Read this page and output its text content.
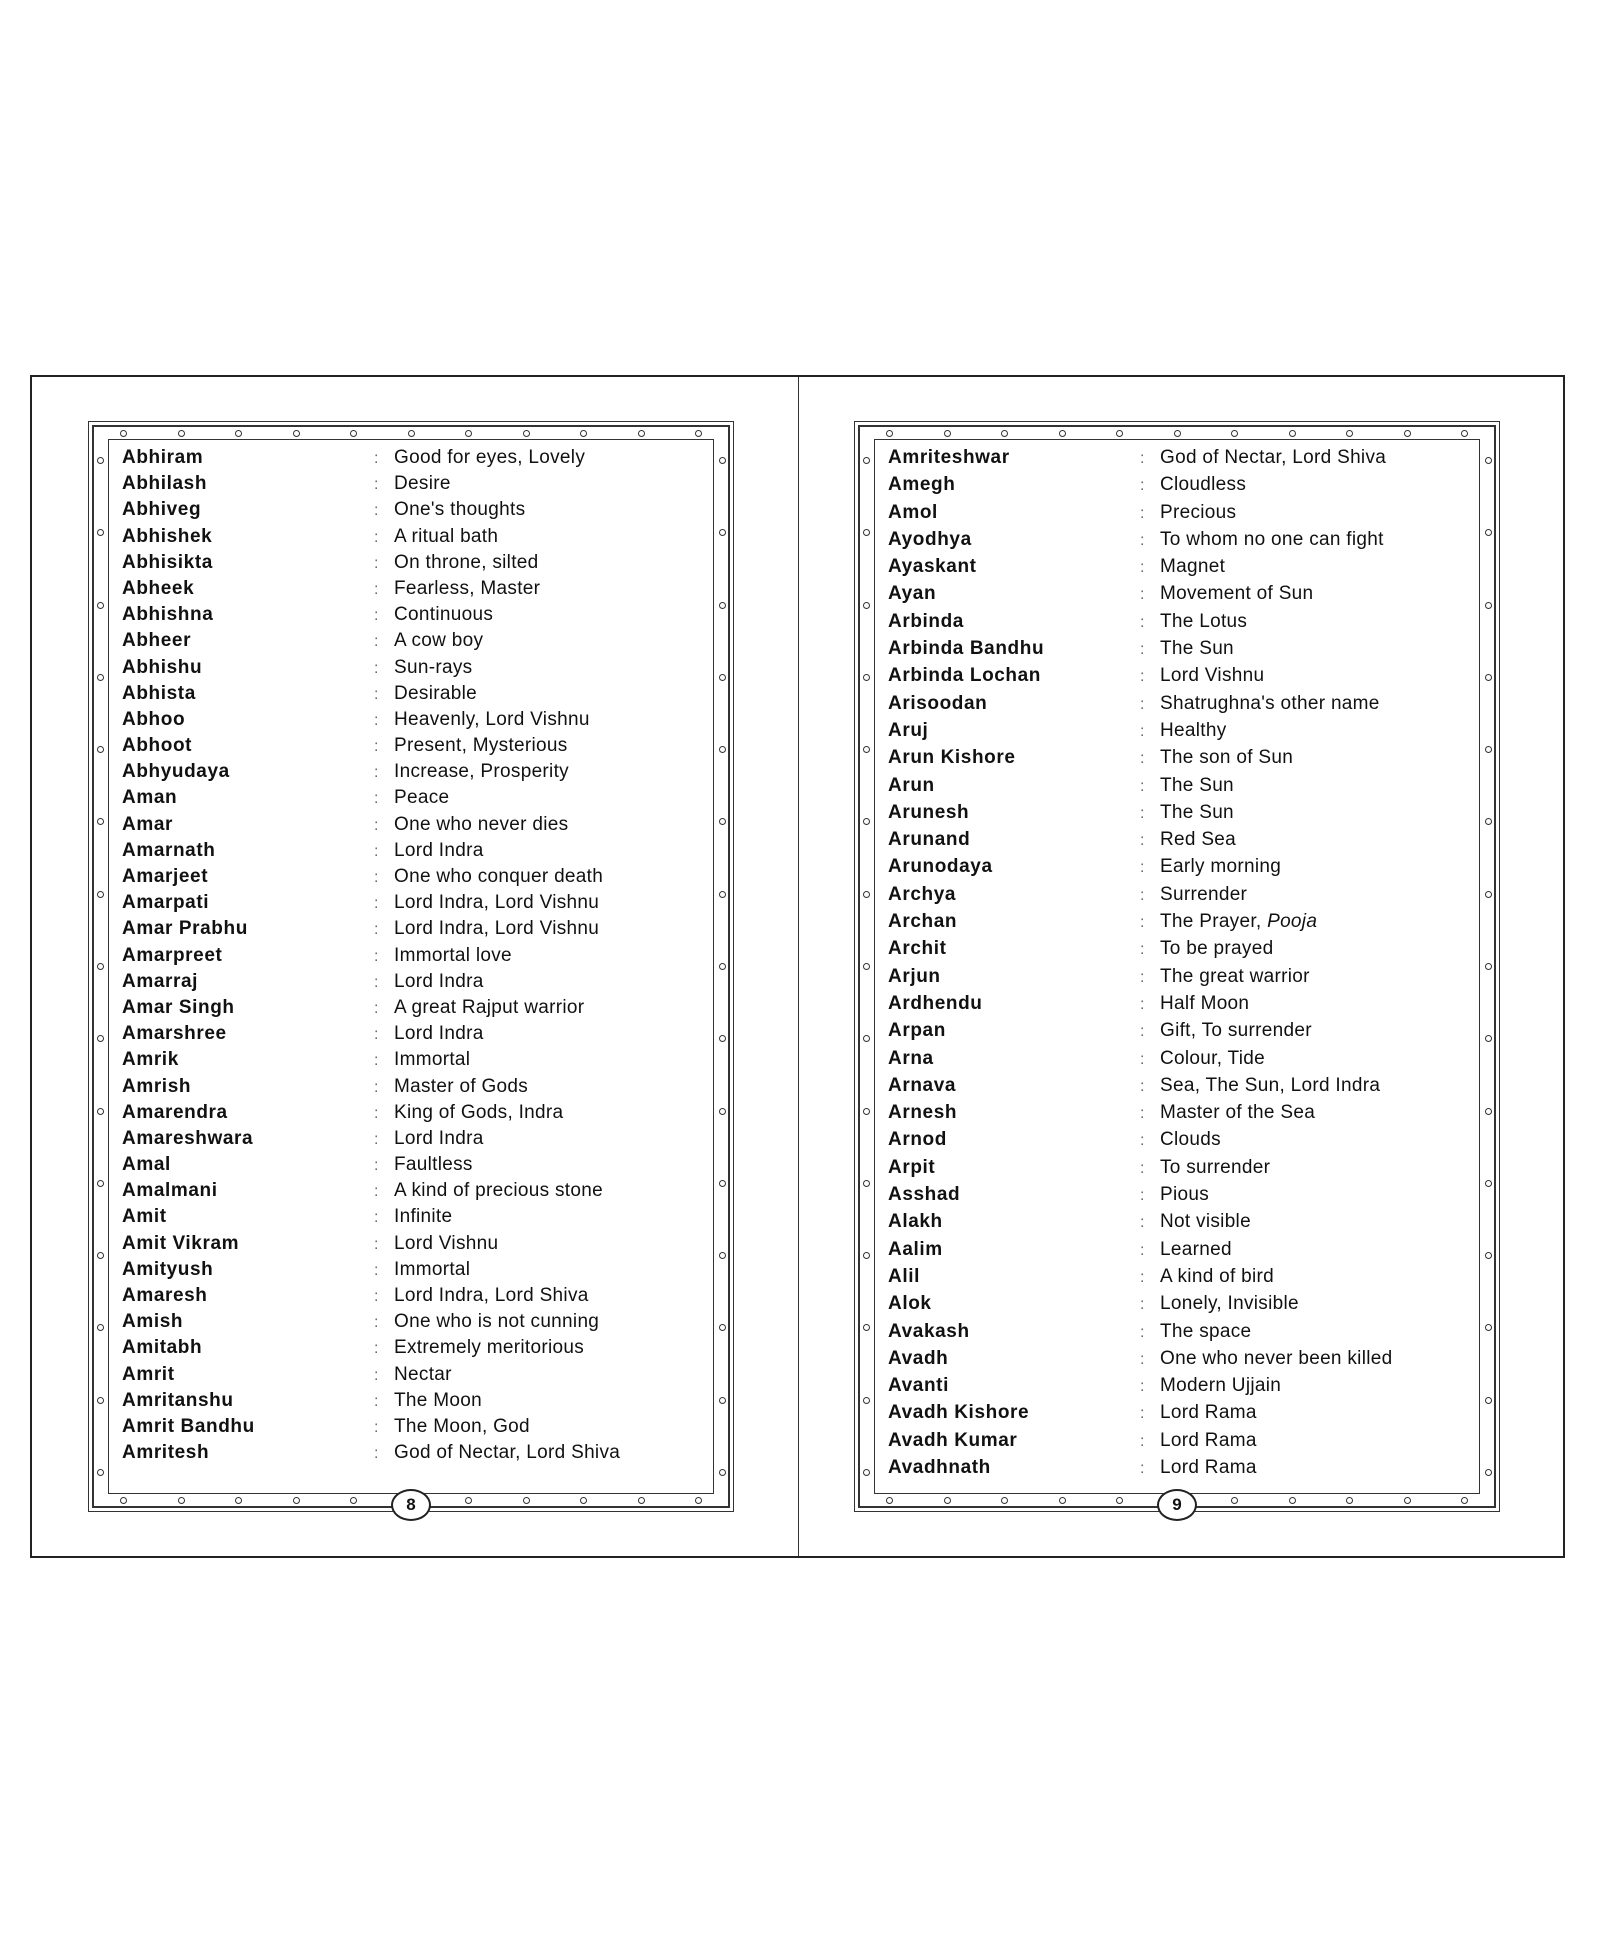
Abhiram	: Good for eyes, Lovely
Abhilash	: Desire
Abhiveg	: One's thoughts
Abhishek	: A ritual bath
Abhisikta	: On throne, silted
Abheek	: Fearless, Master
Abhishna	: Continuous
Abheer	: A cow boy
Abhishu	: Sun-rays
Abhista	: Desirable
Abhoo	: Heavenly, Lord Vishnu
Abhoot	: Present, Mysterious
Abhyudaya	: Increase, Prosperity
Aman	: Peace
Amar	: One who never dies
Amarnath	: Lord Indra
Amarjeet	: One who conquer death
Amarpati	: Lord Indra, Lord Vishnu
Amar Prabhu	: Lord Indra, Lord Vishnu
Amarpreet	: Immortal love
Amarraj	: Lord Indra
Amar Singh	: A great Rajput warrior
Amarshree	: Lord Indra
Amrik	: Immortal
Amrish	: Master of Gods
Amarendra	: King of Gods, Indra
Amareshwara	: Lord Indra
Amal	: Faultless
Amalmani	: A kind of precious stone
Amit	: Infinite
Amit Vikram	: Lord Vishnu
Amityush	: Immortal
Amaresh	: Lord Indra, Lord Shiva
Amish	: One who is not cunning
Amitabh	: Extremely meritorious
Amrit	: Nectar
Amritanshu	: The Moon
Amrit Bandhu	: The Moon, God
Amritesh	: God of Nectar, Lord Shiva
8
Amriteshwar	: God of Nectar, Lord Shiva
Amegh	: Cloudless
Amol	: Precious
Ayodhya	: To whom no one can fight
Ayaskant	: Magnet
Ayan	: Movement of Sun
Arbinda	: The Lotus
Arbinda Bandhu	: The Sun
Arbinda Lochan	: Lord Vishnu
Arisoodan	: Shatrughna's other name
Aruj	: Healthy
Arun Kishore	: The son of Sun
Arun	: The Sun
Arunesh	: The Sun
Arunand	: Red Sea
Arunodaya	: Early morning
Archya	: Surrender
Archan	: The Prayer, Pooja
Archit	: To be prayed
Arjun	: The great warrior
Ardhendu	: Half Moon
Arpan	: Gift, To surrender
Arna	: Colour, Tide
Arnava	: Sea, The Sun, Lord Indra
Arnesh	: Master of the Sea
Arnod	: Clouds
Arpit	: To surrender
Asshad	: Pious
Alakh	: Not visible
Aalim	: Learned
Alil	: A kind of bird
Alok	: Lonely, Invisible
Avakash	: The space
Avadh	: One who never been killed
Avanti	: Modern Ujjain
Avadh Kishore	: Lord Rama
Avadh Kumar	: Lord Rama
Avadhnath	: Lord Rama
9
